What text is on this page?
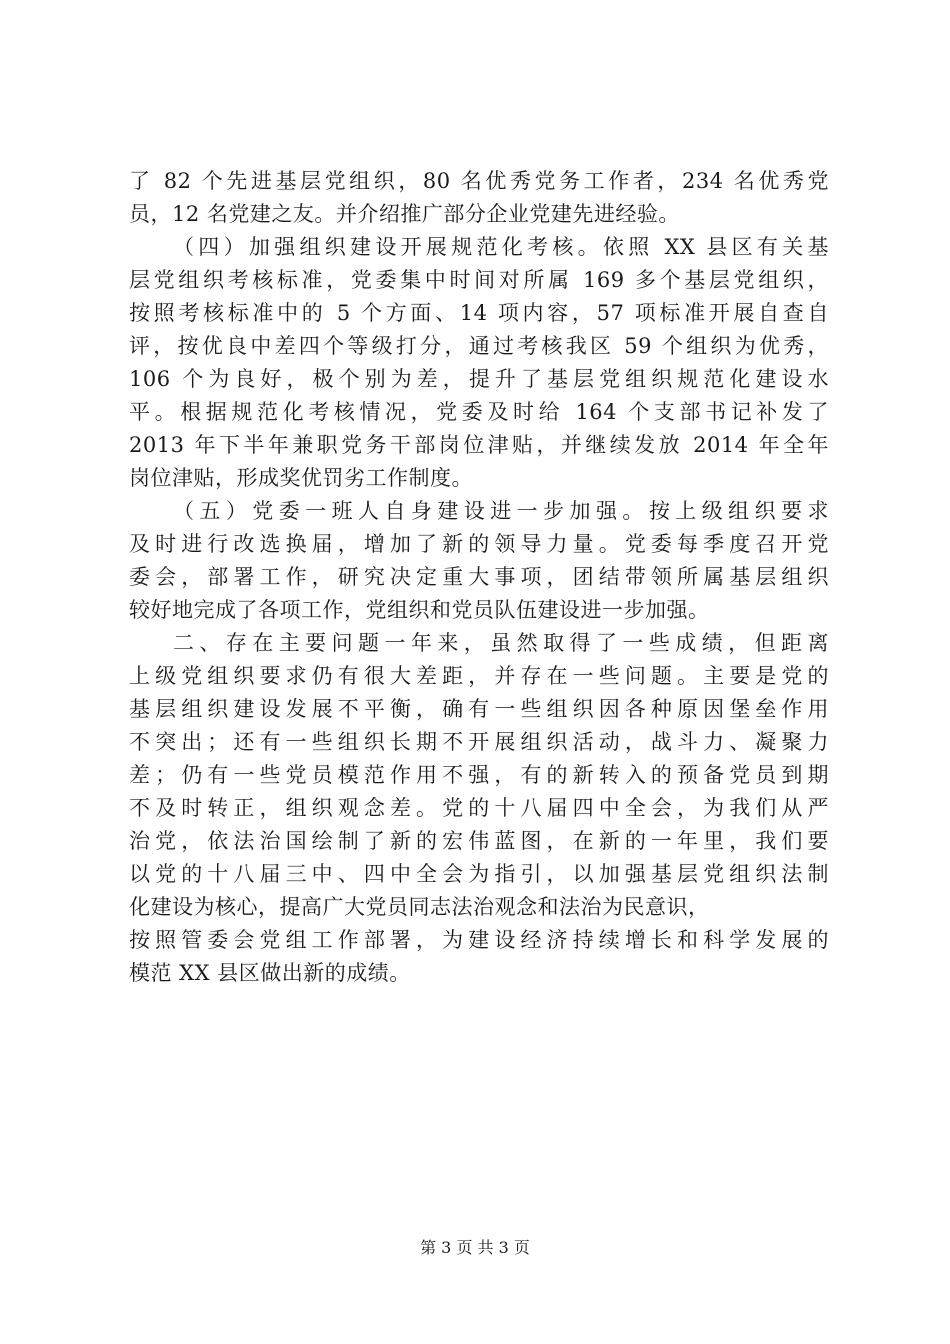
了 82 个先进基层党组织，80 名优秀党务工作者，234 名优秀党
员，12 名党建之友。并介绍推广部分企业党建先进经验。
（四）加强组织建设开展规范化考核。依照 XX 县区有关基
层党组织考核标准，党委集中时间对所属 169 多个基层党组织，
按照考核标准中的 5 个方面、14 项内容，57 项标准开展自查自
评，按优良中差四个等级打分，通过考核我区 59 个组织为优秀，
106 个为良好，极个别为差，提升了基层党组织规范化建设水
平。根据规范化考核情况，党委及时给 164 个支部书记补发了
2013 年下半年兼职党务干部岗位津贴，并继续发放 2014 年全年
岗位津贴，形成奖优罚劣工作制度。
（五）党委一班人自身建设进一步加强。按上级组织要求
及时进行改选换届，增加了新的领导力量。党委每季度召开党
委会，部署工作，研究决定重大事项，团结带领所属基层组织
较好地完成了各项工作，党组织和党员队伍建设进一步加强。
二、存在主要问题一年来，虽然取得了一些成绩，但距离
上级党组织要求仍有很大差距，并存在一些问题。主要是党的
基层组织建设发展不平衡，确有一些组织因各种原因堡垒作用
不突出；还有一些组织长期不开展组织活动，战斗力、凝聚力
差；仍有一些党员模范作用不强，有的新转入的预备党员到期
不及时转正，组织观念差。党的十八届四中全会，为我们从严
治党，依法治国绘制了新的宏伟蓝图，在新的一年里，我们要
以党的十八届三中、四中全会为指引，以加强基层党组织法制
化建设为核心，提高广大党员同志法治观念和法治为民意识，
按照管委会党组工作部署，为建设经济持续增长和科学发展的
模范 XX 县区做出新的成绩。
第 3 页 共 3 页
